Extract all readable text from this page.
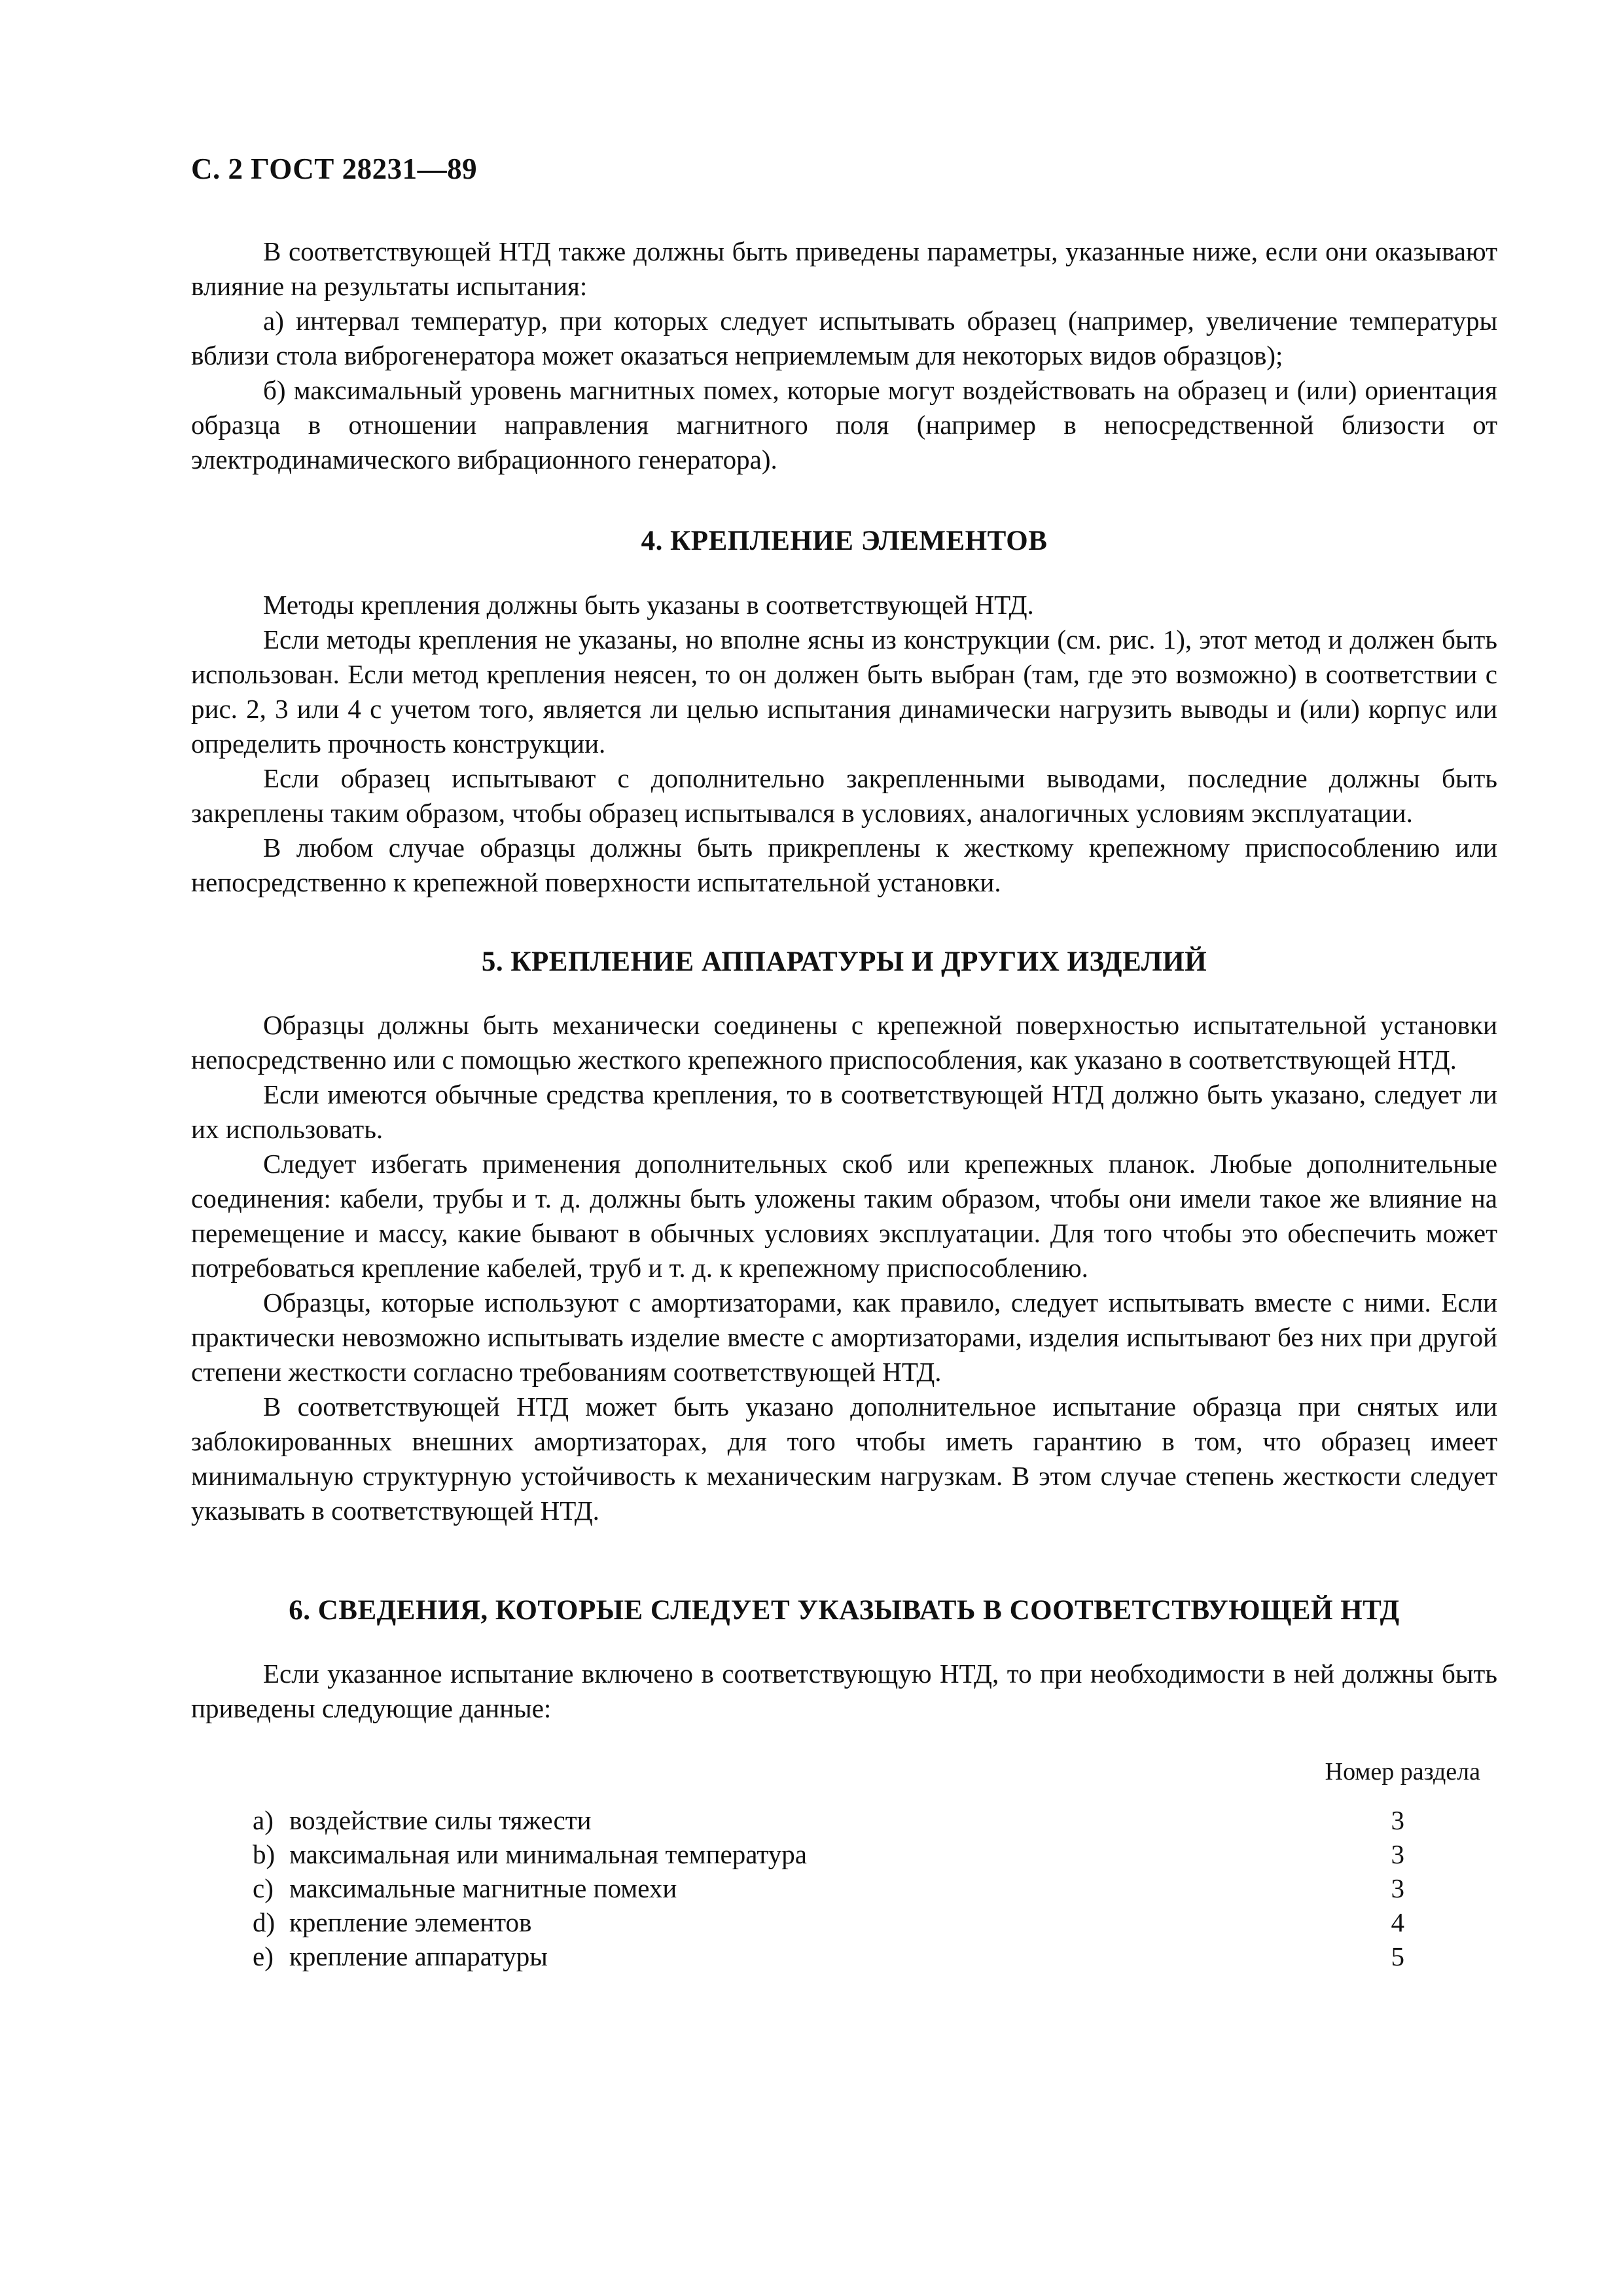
С. 2 ГОСТ 28231—89

В соответствующей НТД также должны быть приведены параметры, указанные ниже, если они оказывают влияние на результаты испытания:

а) интервал температур, при которых следует испытывать образец (например, увеличение температуры вблизи стола виброгенератора может оказаться неприемлемым для некоторых видов образцов);

б) максимальный уровень магнитных помех, которые могут воздействовать на образец и (или) ориентация образца в отношении направления магнитного поля (например в непосредственной близости от электродинамического вибрационного генератора).

4. КРЕПЛЕНИЕ ЭЛЕМЕНТОВ

Методы крепления должны быть указаны в соответствующей НТД.

Если методы крепления не указаны, но вполне ясны из конструкции (см. рис. 1), этот метод и должен быть использован. Если метод крепления неясен, то он должен быть выбран (там, где это возможно) в соответствии с рис. 2, 3 или 4 с учетом того, является ли целью испытания динамически нагрузить выводы и (или) корпус или определить прочность конструкции.

Если образец испытывают с дополнительно закрепленными выводами, последние должны быть закреплены таким образом, чтобы образец испытывался в условиях, аналогичных условиям эксплуатации.

В любом случае образцы должны быть прикреплены к жесткому крепежному приспособлению или непосредственно к крепежной поверхности испытательной установки.

5. КРЕПЛЕНИЕ АППАРАТУРЫ И ДРУГИХ ИЗДЕЛИЙ

Образцы должны быть механически соединены с крепежной поверхностью испытательной установки непосредственно или с помощью жесткого крепежного приспособления, как указано в соответствующей НТД.

Если имеются обычные средства крепления, то в соответствующей НТД должно быть указано, следует ли их использовать.

Следует избегать применения дополнительных скоб или крепежных планок. Любые дополнительные соединения: кабели, трубы и т. д. должны быть уложены таким образом, чтобы они имели такое же влияние на перемещение и массу, какие бывают в обычных условиях эксплуатации. Для того чтобы это обеспечить может потребоваться крепление кабелей, труб и т. д. к крепежному приспособлению.

Образцы, которые используют с амортизаторами, как правило, следует испытывать вместе с ними. Если практически невозможно испытывать изделие вместе с амортизаторами, изделия испытывают без них при другой степени жесткости согласно требованиям соответствующей НТД.

В соответствующей НТД может быть указано дополнительное испытание образца при снятых или заблокированных внешних амортизаторах, для того чтобы иметь гарантию в том, что образец имеет минимальную структурную устойчивость к механическим нагрузкам. В этом случае степень жесткости следует указывать в соответствующей НТД.

6. СВЕДЕНИЯ, КОТОРЫЕ СЛЕДУЕТ УКАЗЫВАТЬ В СООТВЕТСТВУЮЩЕЙ НТД

Если указанное испытание включено в соответствующую НТД, то при необходимости в ней должны быть приведены следующие данные:

Номер раздела
a) воздействие силы тяжести	3
b) максимальная или минимальная температура	3
c) максимальные магнитные помехи	3
d) крепление элементов	4
e) крепление аппаратуры	5
